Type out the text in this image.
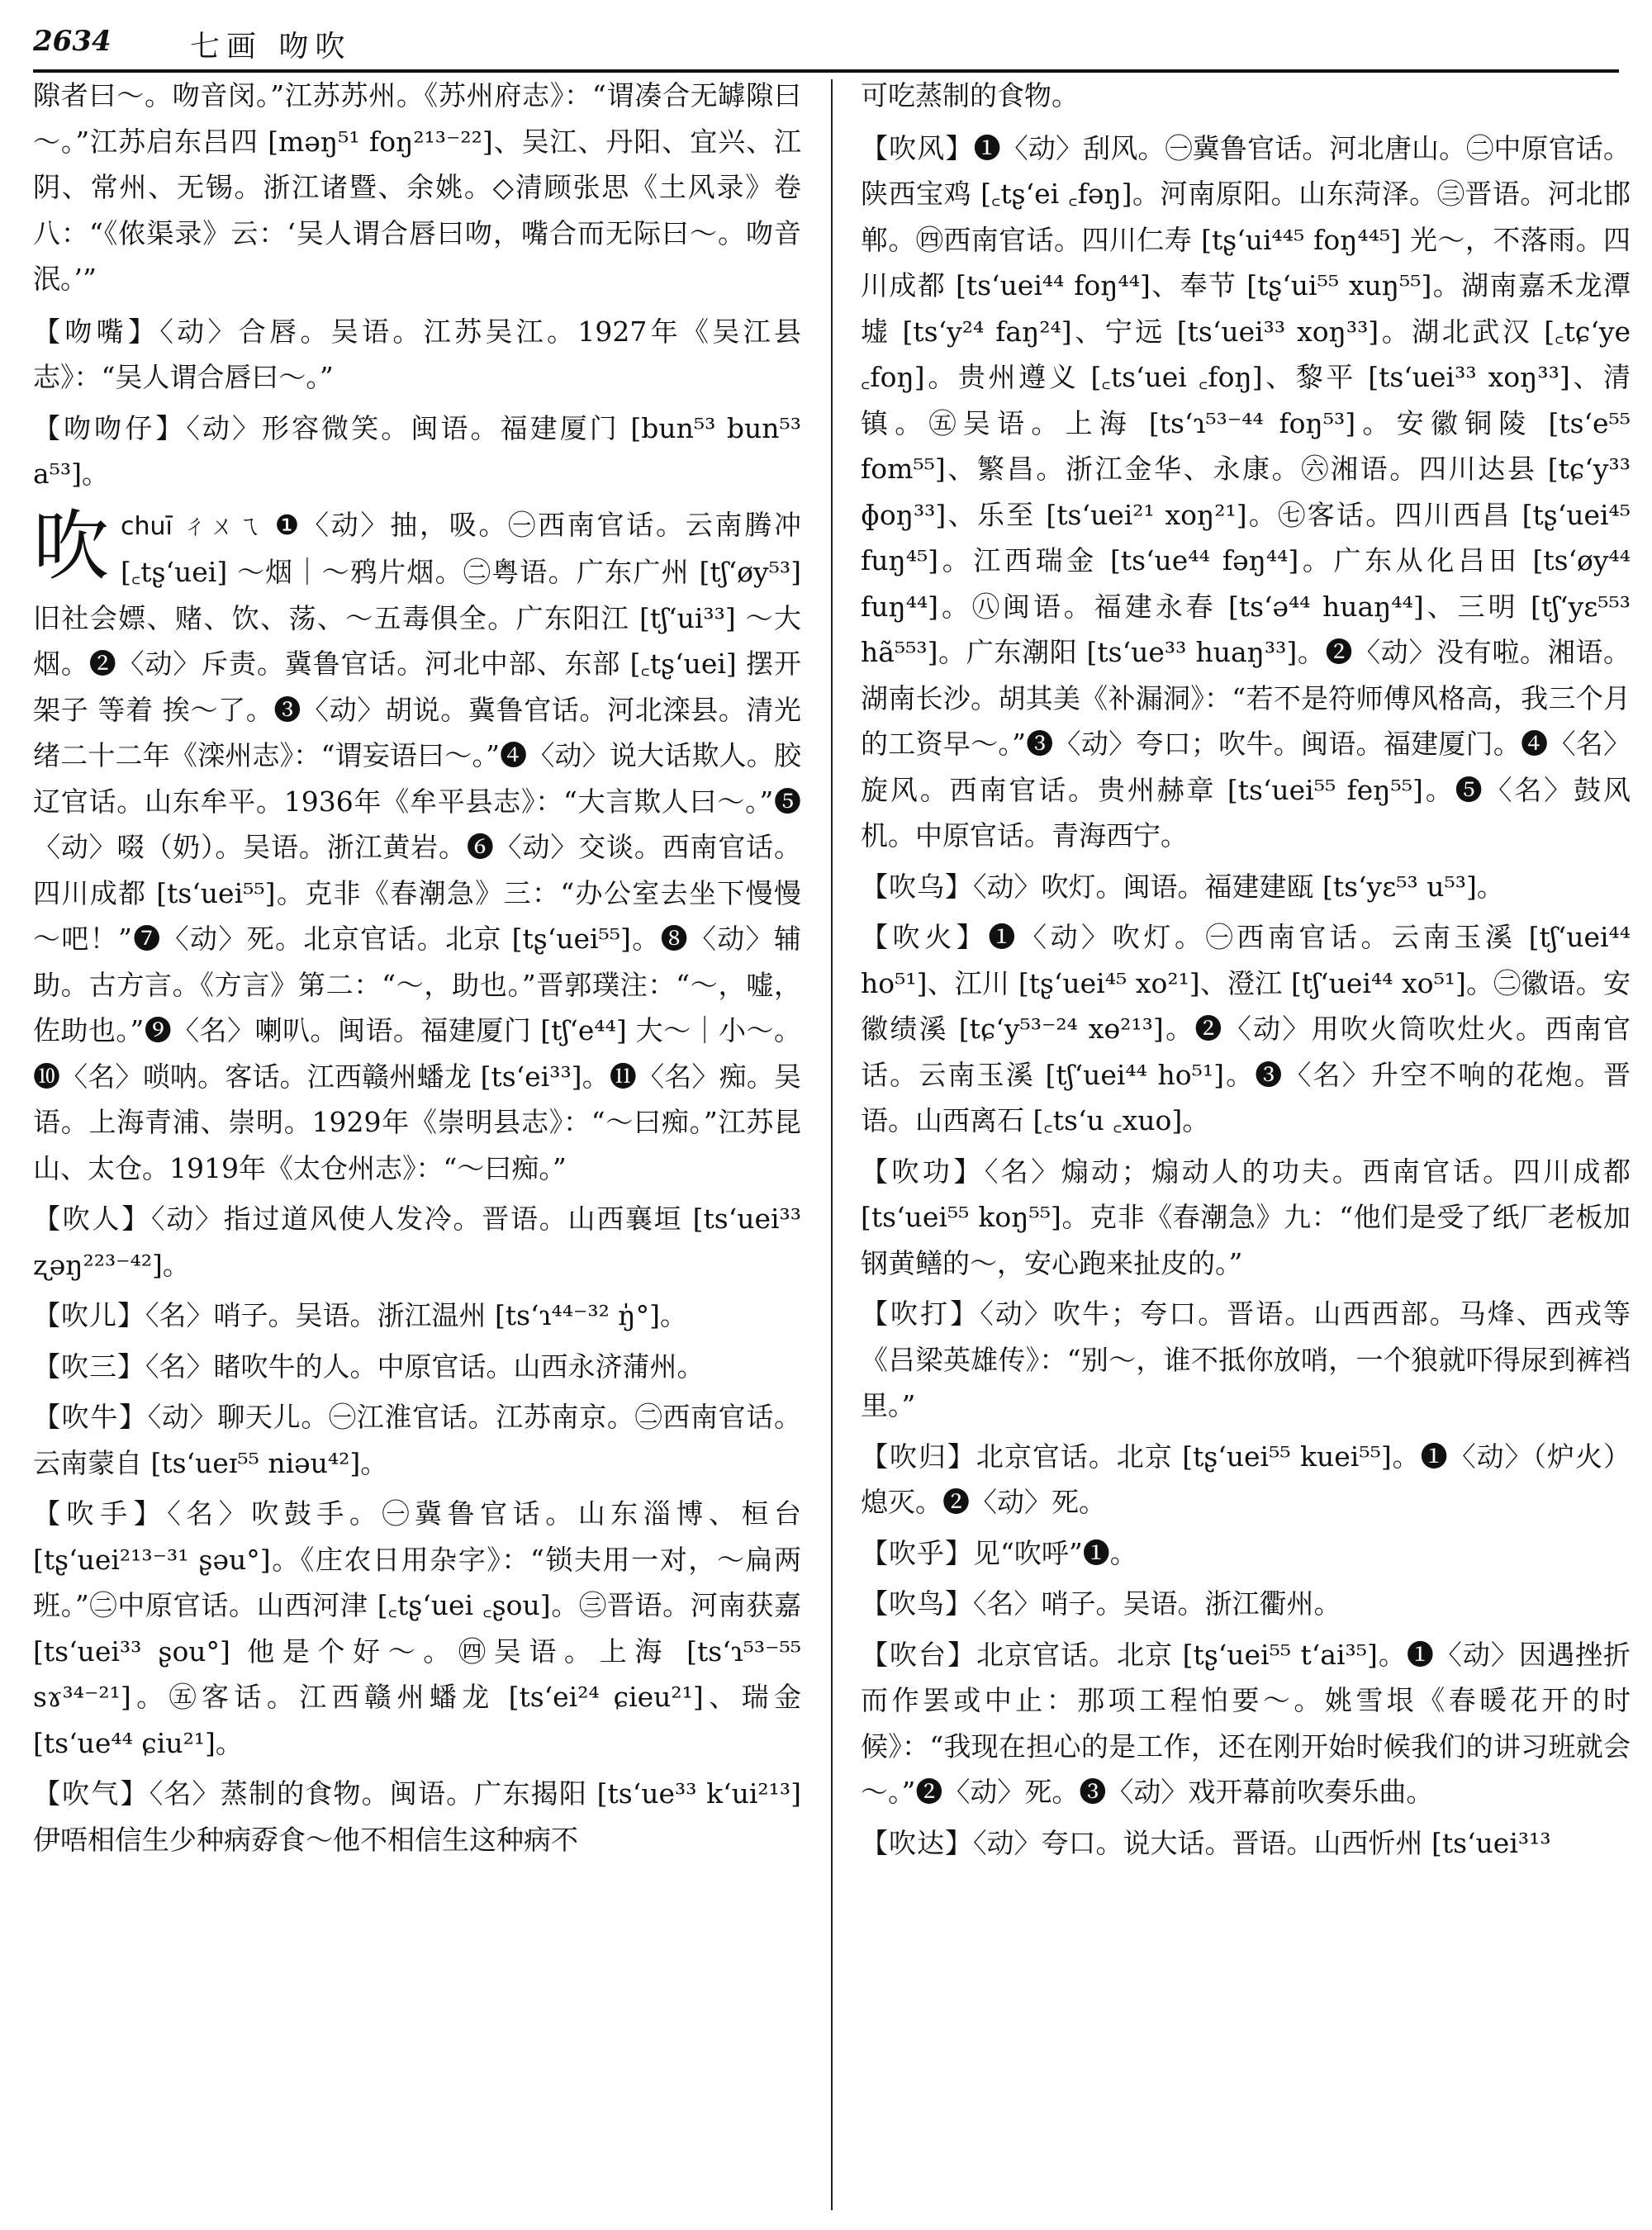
2634	七画 吻吹

隙者曰～。吻音闵。”江苏苏州。《苏州府志》：“谓凑合无罅隙曰～。”江苏启东吕四 [məŋ⁵¹ foŋ²¹³⁻²²]、吴江、丹阳、宜兴、江阴、常州、无锡。浙江诸暨、余姚。◇清顾张思《土风录》卷八：“《侬渠录》云：‘吴人谓合唇曰吻，嘴合而无际曰～。吻音泯。’”

【吻嘴】〈动〉合唇。吴语。江苏吴江。1927年《吴江县志》：“吴人谓合唇曰～。”

【吻吻仔】〈动〉形容微笑。闽语。福建厦门 [bun⁵³ bun⁵³ a⁵³]。

吹 chuī ㄔㄨㄟ ❶〈动〉抽，吸。㊀西南官话。云南腾冲 [꜀tʂʻuei] ～烟｜～鸦片烟。㊁粤语。广东广州 [tʃʻøy⁵³] 旧社会嫖、赌、饮、荡、～五毒俱全。广东阳江 [tʃʻui³³] ～大烟。❷〈动〉斥责。冀鲁官话。河北中部、东部 [꜀tʂʻuei] 摆开架子 等着 挨～了。❸〈动〉胡说。冀鲁官话。河北滦县。清光绪二十二年《滦州志》：“谓妄语曰～。”❹〈动〉说大话欺人。胶辽官话。山东牟平。1936年《牟平县志》：“大言欺人曰～。”❺〈动〉啜（奶）。吴语。浙江黄岩。❻〈动〉交谈。西南官话。四川成都 [tsʻuei⁵⁵]。克非《春潮急》三：“办公室去坐下慢慢～吧！”❼〈动〉死。北京官话。北京 [tʂʻuei⁵⁵]。❽〈动〉辅助。古方言。《方言》第二：“～，助也。”晋郭璞注：“～，嘘，佐助也。”❾〈名〉喇叭。闽语。福建厦门 [tʃʻe⁴⁴] 大～｜小～。❿〈名〉唢呐。客话。江西赣州蟠龙 [tsʻei³³]。⓫〈名〉痴。吴语。上海青浦、崇明。1929年《崇明县志》：“～曰痴。”江苏昆山、太仓。1919年《太仓州志》：“～曰痴。”

【吹人】〈动〉指过道风使人发冷。晋语。山西襄垣 [tsʻuei³³ ʐəŋ²²³⁻⁴²]。

【吹儿】〈名〉哨子。吴语。浙江温州 [tsʻɿ⁴⁴⁻³² ŋ̍°]。

【吹三】〈名〉睹吹牛的人。中原官话。山西永济蒲州。

【吹牛】〈动〉聊天儿。㊀江淮官话。江苏南京。㊁西南官话。云南蒙自 [tsʻueɪ⁵⁵ niəu⁴²]。

【吹手】〈名〉吹鼓手。㊀冀鲁官话。山东淄博、桓台 [tʂʻuei²¹³⁻³¹ ʂəu°]。《庄农日用杂字》：“锁夫用一对，～扁两班。”㊁中原官话。山西河津 [꜀tʂʻuei ꜀ʂou]。㊂晋语。河南获嘉 [tsʻuei³³ ʂou°] 他是个好～。㊃吴语。上海 [tsʻɿ⁵³⁻⁵⁵ sɤ³⁴⁻²¹]。㊄客话。江西赣州蟠龙 [tsʻei²⁴ ɕieu²¹]、瑞金 [tsʻue⁴⁴ ɕiu²¹]。

【吹气】〈名〉蒸制的食物。闽语。广东揭阳 [tsʻue³³ kʻui²¹³] 伊唔相信生少种病孬食～他不相信生这种病不

可吃蒸制的食物。

【吹风】❶〈动〉刮风。㊀冀鲁官话。河北唐山。㊁中原官话。陕西宝鸡 [꜀tʂʻei ꜀fəŋ]。河南原阳。山东菏泽。㊂晋语。河北邯郸。㊃西南官话。四川仁寿 [tʂʻui⁴⁴⁵ foŋ⁴⁴⁵] 光～，不落雨。四川成都 [tsʻuei⁴⁴ foŋ⁴⁴]、奉节 [tʂʻui⁵⁵ xuŋ⁵⁵]。湖南嘉禾龙潭墟 [tsʻy²⁴ faŋ²⁴]、宁远 [tsʻuei³³ xoŋ³³]。湖北武汉 [꜀tɕʻye ꜀foŋ]。贵州遵义 [꜀tsʻuei ꜀foŋ]、黎平 [tsʻuei³³ xoŋ³³]、清镇。㊄吴语。上海 [tsʻɿ⁵³⁻⁴⁴ foŋ⁵³]。安徽铜陵 [tsʻe⁵⁵ fom⁵⁵]、繁昌。浙江金华、永康。㊅湘语。四川达县 [tɕʻy³³ ɸoŋ³³]、乐至 [tsʻuei²¹ xoŋ²¹]。㊆客话。四川西昌 [tʂʻuei⁴⁵ fuŋ⁴⁵]。江西瑞金 [tsʻue⁴⁴ fəŋ⁴⁴]。广东从化吕田 [tsʻøy⁴⁴ fuŋ⁴⁴]。㊇闽语。福建永春 [tsʻə⁴⁴ huaŋ⁴⁴]、三明 [tʃʻyɛ⁵⁵³ hã⁵⁵³]。广东潮阳 [tsʻue³³ huaŋ³³]。❷〈动〉没有啦。湘语。湖南长沙。胡其美《补漏洞》：“若不是符师傅风格高，我三个月的工资早～。”❸〈动〉夸口；吹牛。闽语。福建厦门。❹〈名〉旋风。西南官话。贵州赫章 [tsʻuei⁵⁵ feŋ⁵⁵]。❺〈名〉鼓风机。中原官话。青海西宁。

【吹乌】〈动〉吹灯。闽语。福建建瓯 [tsʻyɛ⁵³ u⁵³]。

【吹火】❶〈动〉吹灯。㊀西南官话。云南玉溪 [tʃʻuei⁴⁴ ho⁵¹]、江川 [tʂʻuei⁴⁵ xo²¹]、澄江 [tʃʻuei⁴⁴ xo⁵¹]。㊁徽语。安徽绩溪 [tɕʻy⁵³⁻²⁴ xɵ²¹³]。❷〈动〉用吹火筒吹灶火。西南官话。云南玉溪 [tʃʻuei⁴⁴ ho⁵¹]。❸〈名〉升空不响的花炮。晋语。山西离石 [꜀tsʻu ꜀xuo]。

【吹功】〈名〉煽动；煽动人的功夫。西南官话。四川成都 [tsʻuei⁵⁵ koŋ⁵⁵]。克非《春潮急》九：“他们是受了纸厂老板加钢黄鳝的～，安心跑来扯皮的。”

【吹打】〈动〉吹牛；夸口。晋语。山西西部。马烽、西戎等《吕梁英雄传》：“别～，谁不抵你放哨，一个狼就吓得尿到裤裆里。”

【吹归】北京官话。北京 [tʂʻuei⁵⁵ kuei⁵⁵]。❶〈动〉（炉火）熄灭。❷〈动〉死。

【吹乎】见“吹呼”❶。

【吹鸟】〈名〉哨子。吴语。浙江衢州。

【吹台】北京官话。北京 [tʂʻuei⁵⁵ tʻai³⁵]。❶〈动〉因遇挫折而作罢或中止：那项工程怕要～。姚雪垠《春暖花开的时候》：“我现在担心的是工作，还在刚开始时候我们的讲习班就会～。”❷〈动〉死。❸〈动〉戏开幕前吹奏乐曲。

【吹达】〈动〉夸口。说大话。晋语。山西忻州 [tsʻuei³¹³
